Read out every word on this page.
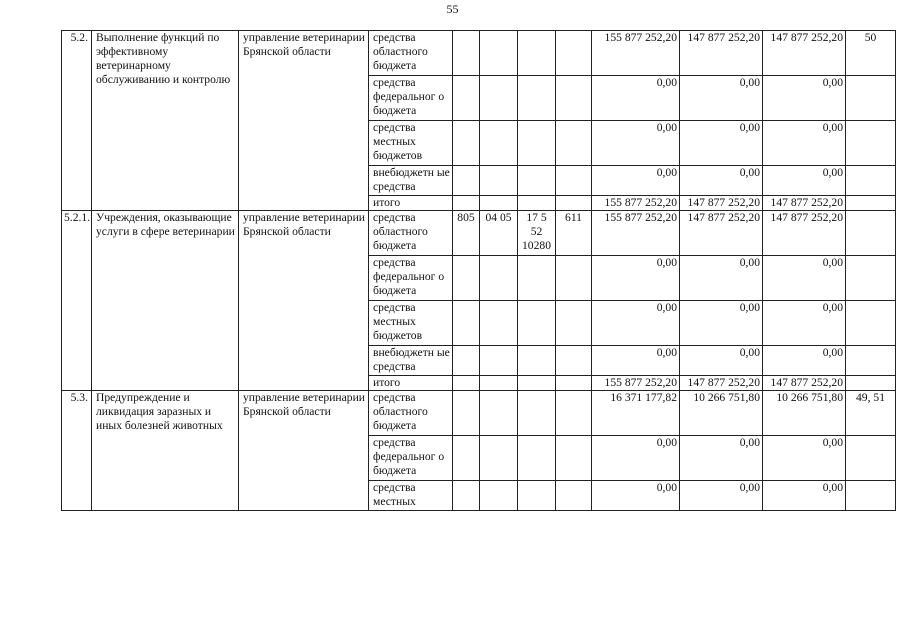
55
5.2.	Выполнение функций по эффективному ветеринарному обслуживанию и контролю	управление ветеринарии Брянской области	средства областного бюджета					155 877 252,20	147 877 252,20	147 877 252,20	50
			средства федеральног о бюджета					0,00	0,00	0,00	
			средства местных бюджетов					0,00	0,00	0,00	
			внебюджетн ые средства					0,00	0,00	0,00	
			итого					155 877 252,20	147 877 252,20	147 877 252,20	
5.2.1.	Учреждения, оказывающие услуги в сфере ветеринарии	управление ветеринарии Брянской области	средства областного бюджета	805	04 05	17 5 52 10280	611	155 877 252,20	147 877 252,20	147 877 252,20	
			средства федеральног о бюджета					0,00	0,00	0,00	
			средства местных бюджетов					0,00	0,00	0,00	
			внебюджетн ые средства					0,00	0,00	0,00	
			итого					155 877 252,20	147 877 252,20	147 877 252,20	
5.3.	Предупреждение и ликвидация заразных и иных болезней животных	управление ветеринарии Брянской области	средства областного бюджета					16 371 177,82	10 266 751,80	10 266 751,80	49, 51
			средства федеральног о бюджета					0,00	0,00	0,00	
			средства местных					0,00	0,00	0,00	
